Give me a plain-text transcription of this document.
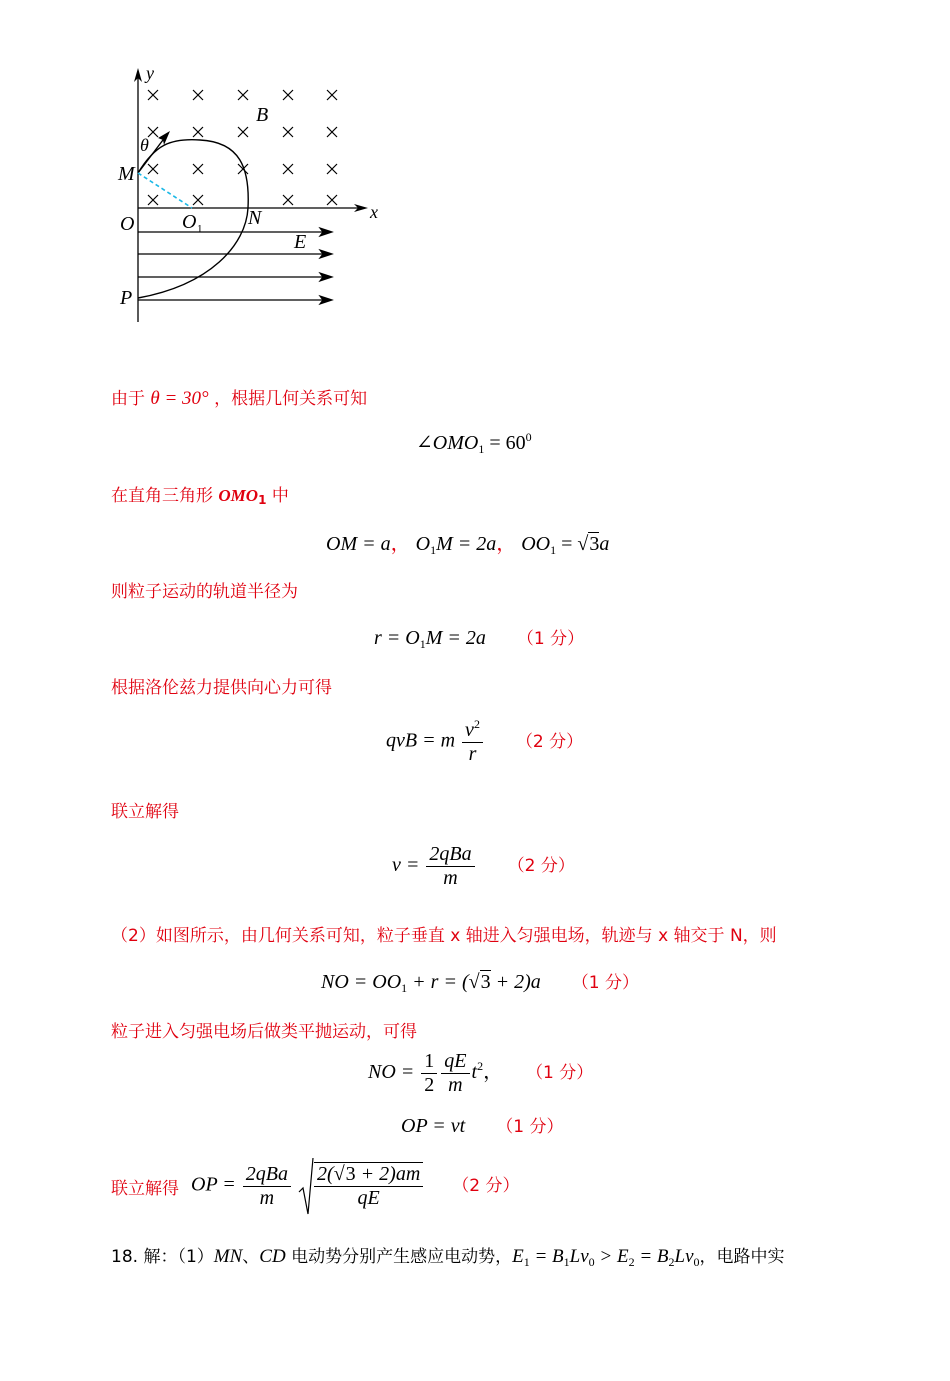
y
x
B
θ
M
O O 1 N
E
P
由于 θ = 30° ，根据几何关系可知
$\angle OMO_1 = 60^0$
在直角三角形 OMO1 中
OM = a， $O_1M = 2a$， $OO_1 = √3a$
则粒子运动的轨道半径为
$r = O_1M = 2a$ （1 分）
根据洛伦兹力提供向心力可得
qvB = m $\frac{v^2}{r} (2$ 分）
联立解得
$v = \frac{\text{2qBa}}{m} (2$ 分）
（2）如图所示，由几何关系可知，粒子垂直 x 轴进入匀强电场，轨迹与 x 轴交于 N，则
NO = $OO_1 + r = (√3 + 2)a$ （1 分）
粒子进入匀强电场后做类平抛运动，可得
NO = $\frac{1}{2} \frac{qE}{m} t^2$， （1 分）
OP = vt （1 分）
联立解得 OP = $\frac{\text{2qBa}}{m}$
$\frac{2(√3 + 2)am}{qE} (2$ 分）
18. 解：（1）MN、CD 电动势分别产生感应电动势，$E_1 = B_1Lv_0 > E_2 = B_2Lv_0$，电路中实
